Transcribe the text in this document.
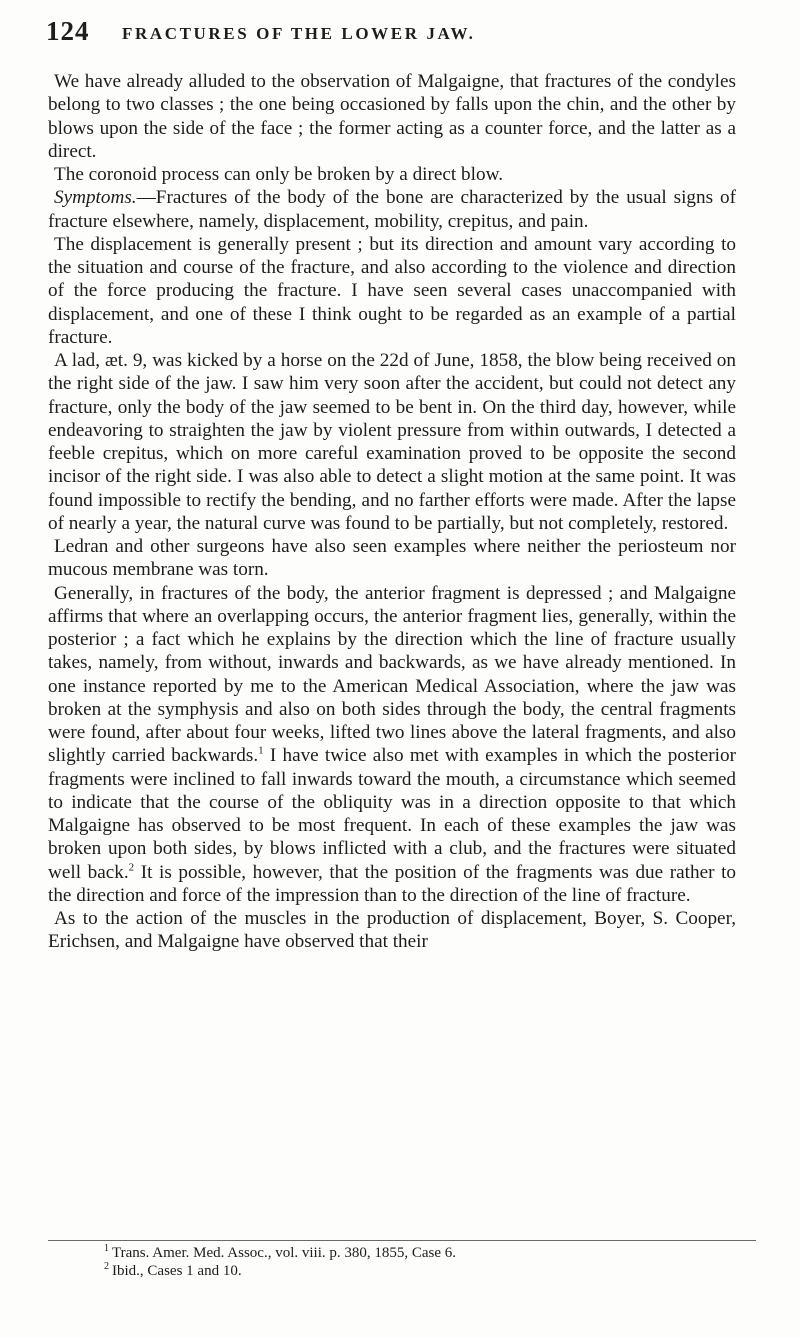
124 FRACTURES OF THE LOWER JAW.

We have already alluded to the observation of Malgaigne, that fractures of the condyles belong to two classes ; the one being occasioned by falls upon the chin, and the other by blows upon the side of the face ; the former acting as a counter force, and the latter as a direct.

The coronoid process can only be broken by a direct blow.

Symptoms.—Fractures of the body of the bone are characterized by the usual signs of fracture elsewhere, namely, displacement, mobility, crepitus, and pain.

The displacement is generally present ; but its direction and amount vary according to the situation and course of the fracture, and also according to the violence and direction of the force producing the fracture. I have seen several cases unaccompanied with displacement, and one of these I think ought to be regarded as an example of a partial fracture.

A lad, æt. 9, was kicked by a horse on the 22d of June, 1858, the blow being received on the right side of the jaw. I saw him very soon after the accident, but could not detect any fracture, only the body of the jaw seemed to be bent in. On the third day, however, while endeavoring to straighten the jaw by violent pressure from within outwards, I detected a feeble crepitus, which on more careful examination proved to be opposite the second incisor of the right side. I was also able to detect a slight motion at the same point. It was found impossible to rectify the bending, and no farther efforts were made. After the lapse of nearly a year, the natural curve was found to be partially, but not completely, restored.

Ledran and other surgeons have also seen examples where neither the periosteum nor mucous membrane was torn.

Generally, in fractures of the body, the anterior fragment is depressed ; and Malgaigne affirms that where an overlapping occurs, the anterior fragment lies, generally, within the posterior ; a fact which he explains by the direction which the line of fracture usually takes, namely, from without, inwards and backwards, as we have already mentioned. In one instance reported by me to the American Medical Association, where the jaw was broken at the symphysis and also on both sides through the body, the central fragments were found, after about four weeks, lifted two lines above the lateral fragments, and also slightly carried backwards.$^1$ I have twice also met with examples in which the posterior fragments were inclined to fall inwards toward the mouth, a circumstance which seemed to indicate that the course of the obliquity was in a direction opposite to that which Malgaigne has observed to be most frequent. In each of these examples the jaw was broken upon both sides, by blows inflicted with a club, and the fractures were situated well back.$^2$ It is possible, however, that the position of the fragments was due rather to the direction and force of the impression than to the direction of the line of fracture.

As to the action of the muscles in the production of displacement, Boyer, S. Cooper, Erichsen, and Malgaigne have observed that their

$^1$ Trans. Amer. Med. Assoc., vol. viii. p. 380, 1855, Case 6.
$^2$ Ibid., Cases 1 and 10.
